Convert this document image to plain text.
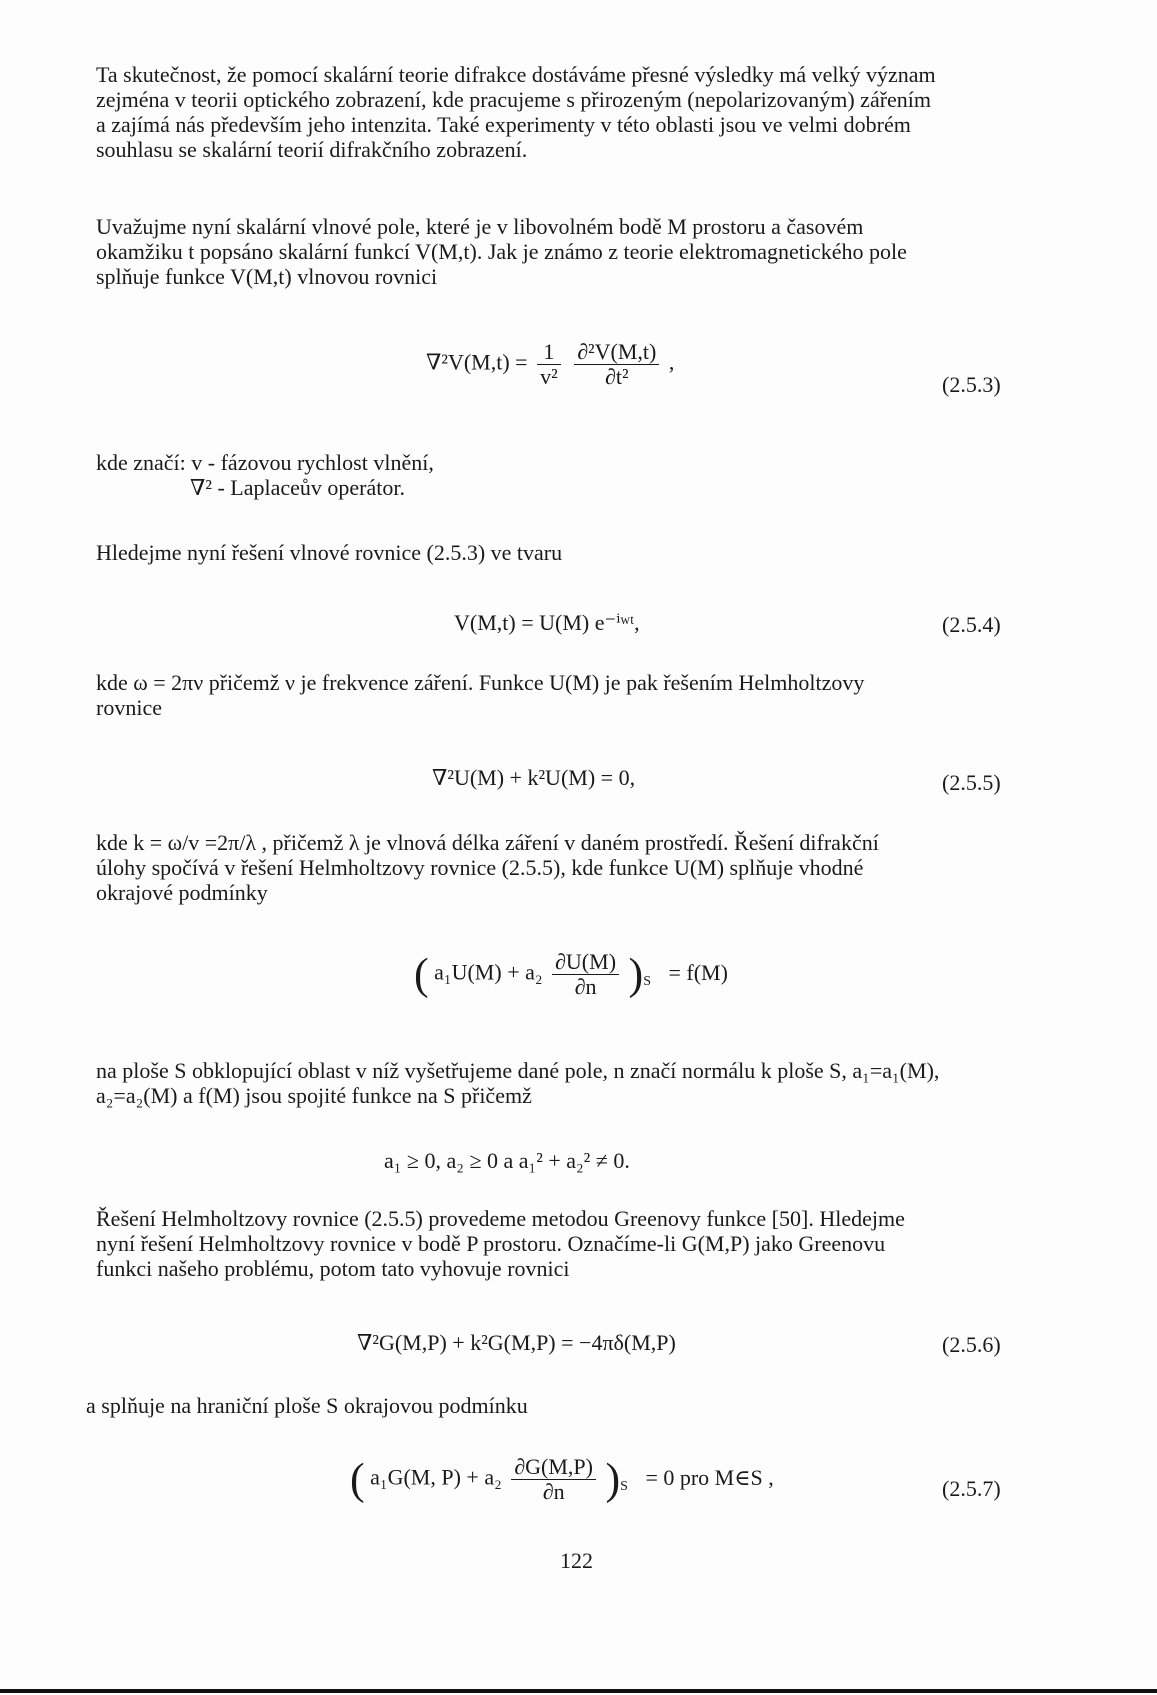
Ta skutečnost, že pomocí skalární teorie difrakce dostáváme přesné výsledky má velký význam
zejména v teorii optického zobrazení, kde pracujeme s přirozeným (nepolarizovaným) zářením
a zajímá nás především jeho intenzita. Také experimenty v této oblasti jsou ve velmi dobrém
souhlasu se skalární teorií difrakčního zobrazení.
Uvažujme nyní skalární vlnové pole, které je v libovolném bodě M prostoru a časovém
okamžiku t popsáno skalární funkcí V(M,t). Jak je známo z teorie elektromagnetického pole
splňuje funkce V(M,t) vlnovou rovnici
$\nabla^2V(M,t) = \frac{1}{\text{v²}}$
$\frac{\text{∂²V(M,t)}}{\text{∂t²}}$ ,
(2.5.3)
kde značí: v - fázovou rychlost vlnění,
∇² - Laplaceův operátor.
Hledejme nyní řešení vlnové rovnice (2.5.3) ve tvaru
V(M,t) = U(M) e⁻ⁱʷᵗ,	(2.5.4)
kde ω = 2πν přičemž ν je frekvence záření. Funkce U(M) je pak řešením Helmholtzovy
rovnice
∇²U(M) + k²U(M) = 0,	(2.5.5)
kde k = ω/v =2π/λ , přičemž λ je vlnová délka záření v daném prostředí. Řešení difrakční
úlohy spočívá v řešení Helmholtzovy rovnice (2.5.5), kde funkce U(M) splňuje vhodné
okrajové podmínky
( $a_1U(M) + a_2 \frac{\partial U(M)}{\partial n} )_S = f(M)$
na ploše S obklopující oblast v níž vyšetřujeme dané pole, n značí normálu k ploše S, a₁=a₁(M),
a₂=a₂(M) a f(M) jsou spojité funkce na S přičemž
a₁ ≥ 0, a₂ ≥ 0 a a₁² + a₂² ≠ 0.
Řešení Helmholtzovy rovnice (2.5.5) provedeme metodou Greenovy funkce [50]. Hledejme
nyní řešení Helmholtzovy rovnice v bodě P prostoru. Označíme-li G(M,P) jako Greenovu
funkci našeho problému, potom tato vyhovuje rovnici
∇²G(M,P) + k²G(M,P) = −4πδ(M,P)	(2.5.6)
a splňuje na hraniční ploše S okrajovou podmínku
( a₁G(M, $P) + a_2 \frac{\partial G(M,P)}{\partial n} )_S = 0$ pro M∈S ,	(2.5.7)
122
